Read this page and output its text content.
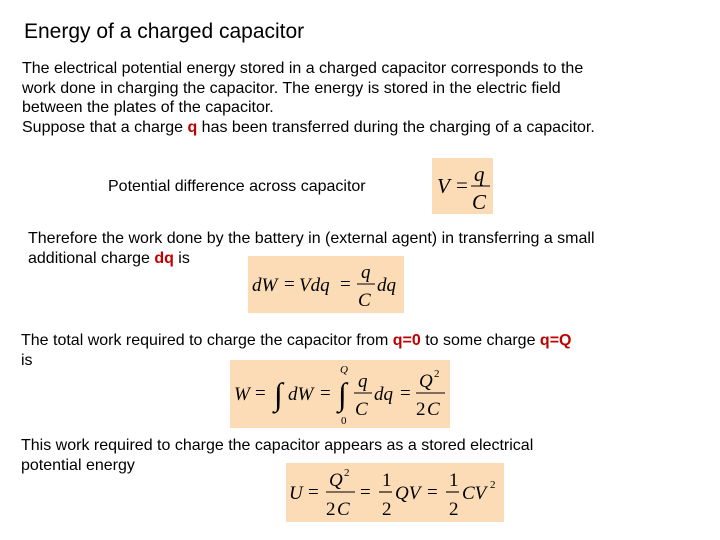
Energy of a charged capacitor
The electrical potential energy stored in a charged capacitor corresponds to the
work done in charging the capacitor. The energy is stored in the electric field
between the plates of the capacitor.
Suppose that a charge q has been transferred during the charging of a capacitor.
Potential difference across capacitor	V = q
C
Therefore the work done by the battery in (external agent) in transferring a small
additional charge dq is
dW = Vdq =
q
C
dq
The total work required to charge the capacitor from q=0 to some charge q=Q
is
W = ∫ dW = ∫
Q
0
q
C
dq =
Q 2
2 C
This work required to charge the capacitor appears as a stored electrical
potential energy
U =
Q 2
2 C
=
1
2
QV =
1
2
CV 2
